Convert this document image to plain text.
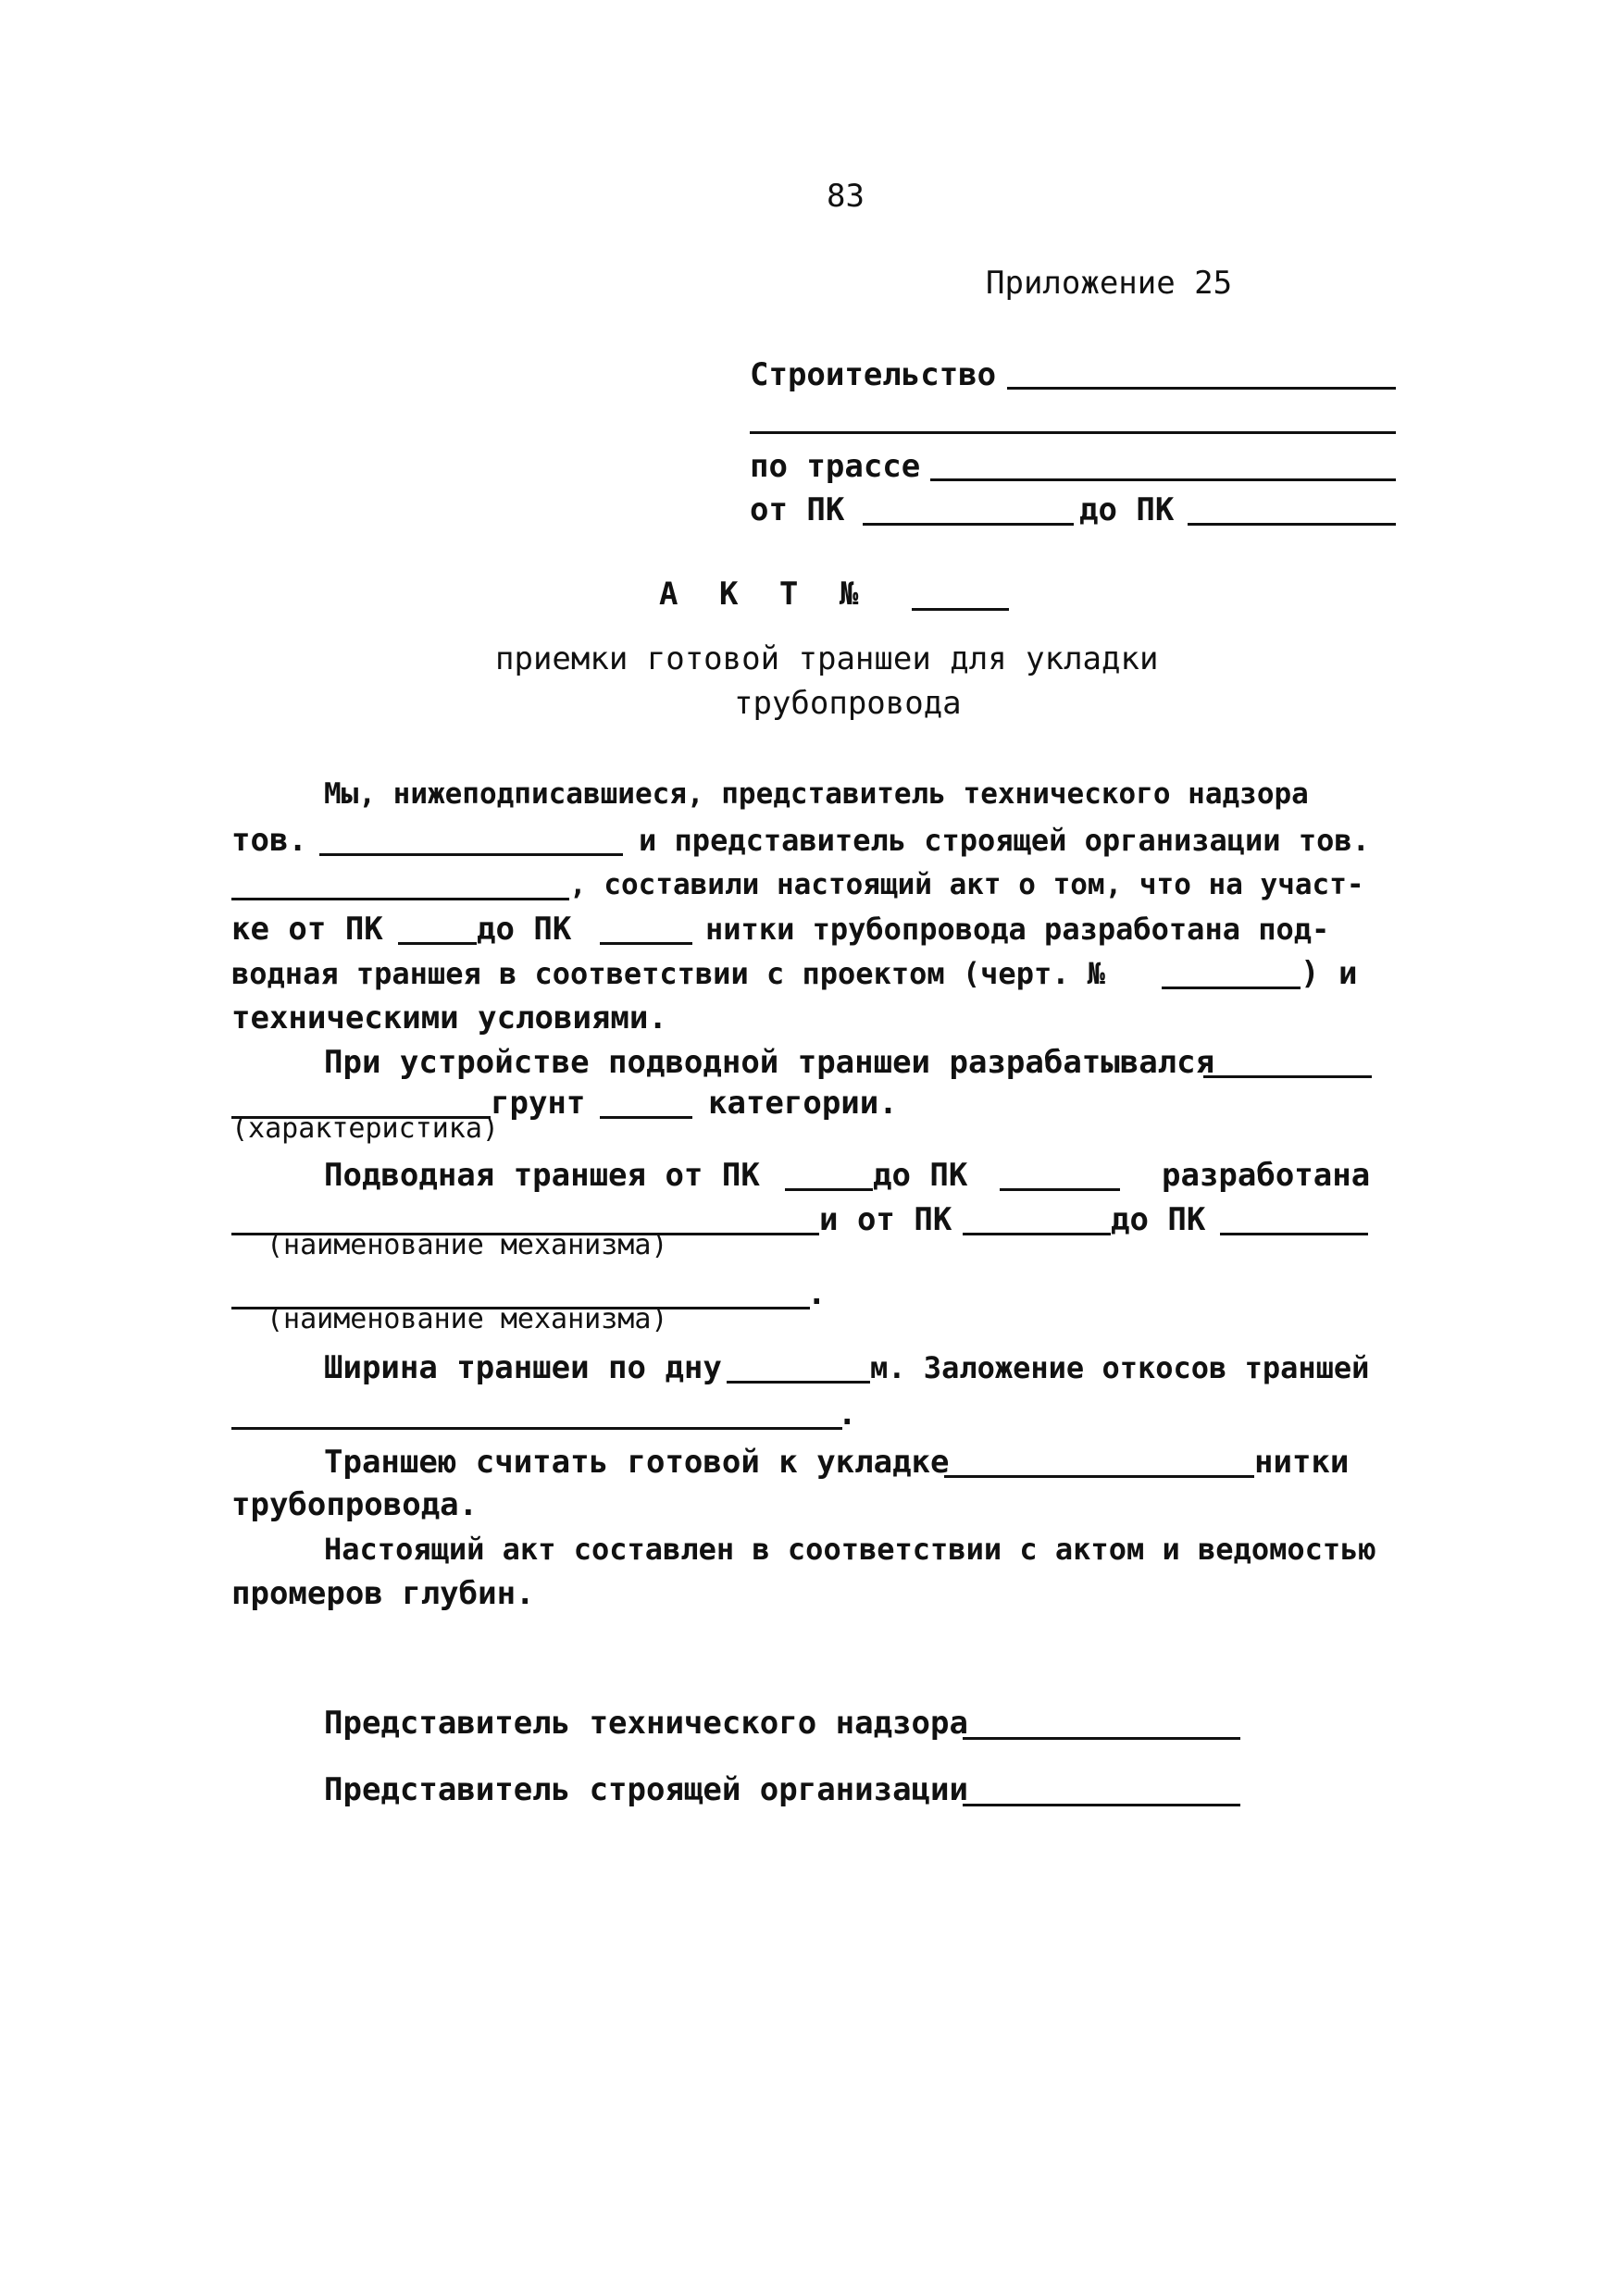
83
Приложение 25
Строительство
по трассе
от ПК	до ПК
А К Т №
приемки готовой траншеи для укладки
трубопровода
Мы, нижеподписавшиеся, представитель технического надзора
тов.	и представитель строящей организации тов.
, составили настоящий акт о том, что на участ-
ке от ПК	до ПК	нитки трубопровода разработана под-
водная траншея в соответствии с проектом (черт. №	) и
техническими условиями.
При устройстве подводной траншеи разрабатывался
грунт	категории.
(характеристика)
Подводная траншея от ПК	до ПК	разработана
и от ПК	до ПК
(наименование механизма)
.
(наименование механизма)
Ширина траншеи по дну	м. Заложение откосов траншей
.
Траншею считать готовой к укладке	нитки
трубопровода.
Настоящий акт составлен в соответствии с актом и ведомостью
промеров глубин.
Представитель технического надзора
Представитель строящей организации
